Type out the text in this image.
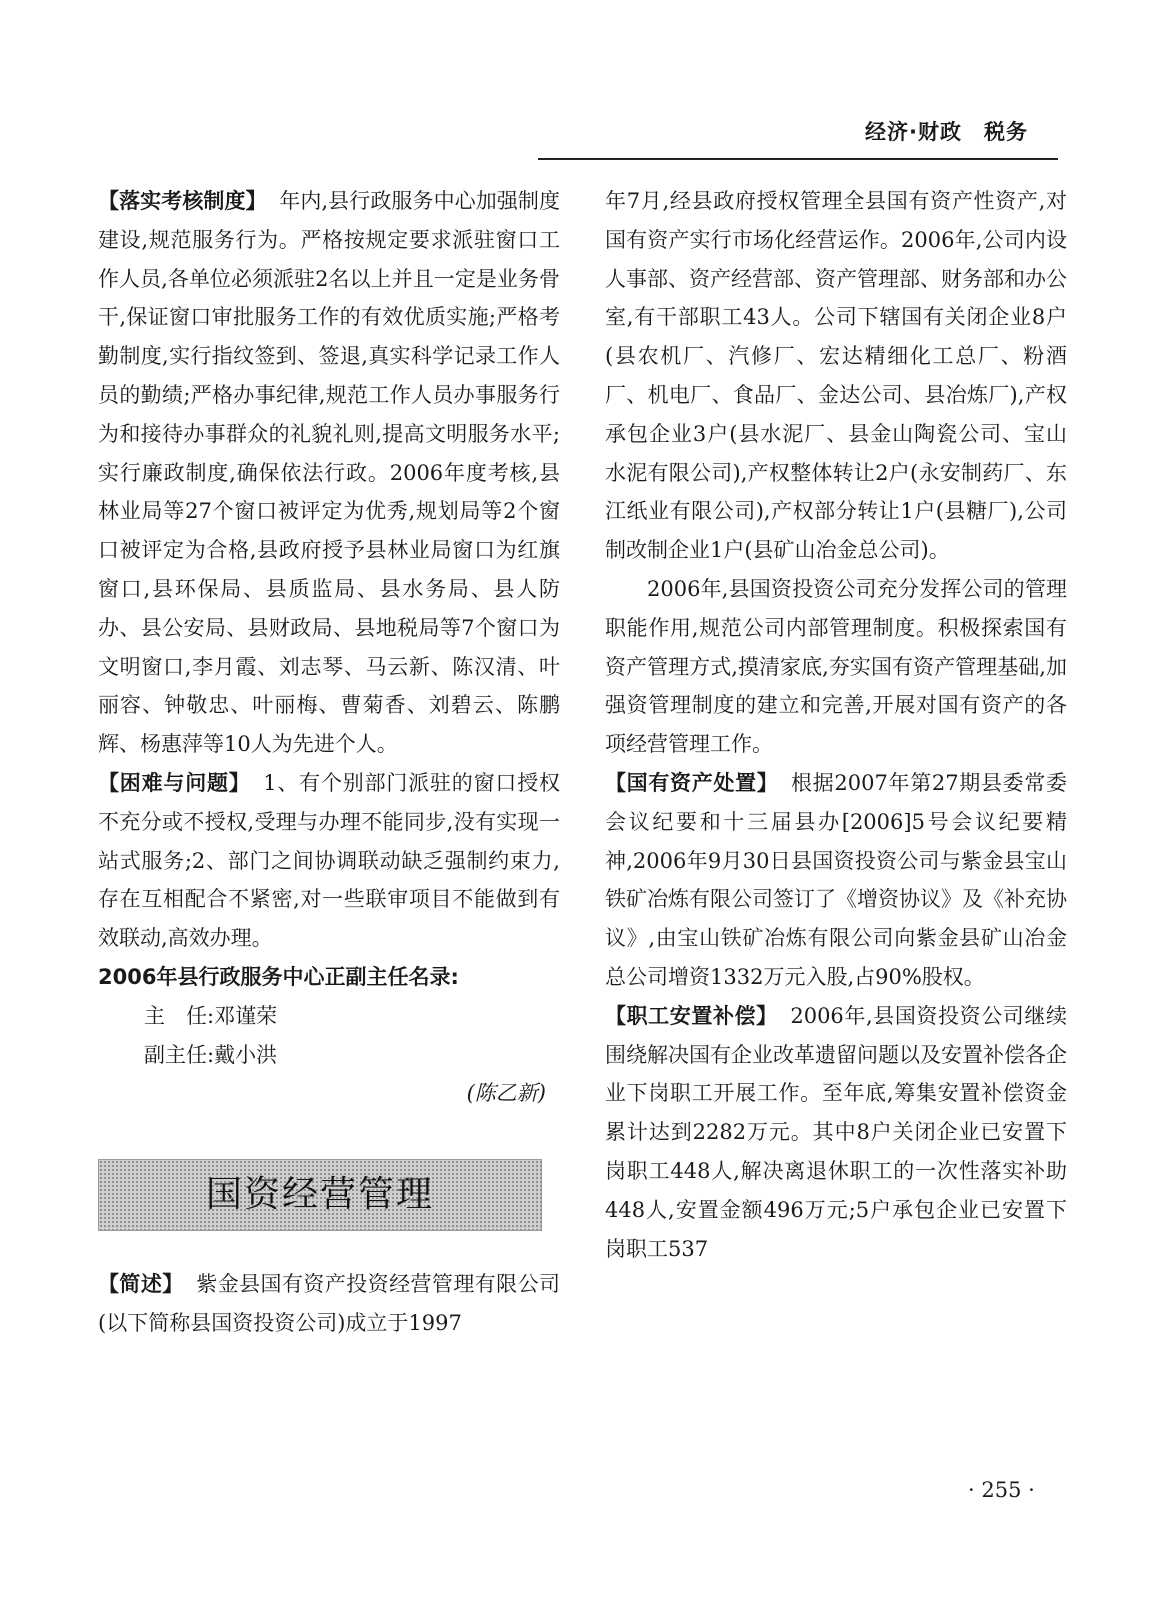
经济·财政　税务

【落实考核制度】 年内,县行政服务中心加强制度建设,规范服务行为。严格按规定要求派驻窗口工作人员,各单位必须派驻2名以上并且一定是业务骨干,保证窗口审批服务工作的有效优质实施;严格考勤制度,实行指纹签到、签退,真实科学记录工作人员的勤绩;严格办事纪律,规范工作人员办事服务行为和接待办事群众的礼貌礼则,提高文明服务水平;实行廉政制度,确保依法行政。2006年度考核,县林业局等27个窗口被评定为优秀,规划局等2个窗口被评定为合格,县政府授予县林业局窗口为红旗窗口,县环保局、县质监局、县水务局、县人防办、县公安局、县财政局、县地税局等7个窗口为文明窗口,李月霞、刘志琴、马云新、陈汉清、叶丽容、钟敬忠、叶丽梅、曹菊香、刘碧云、陈鹏辉、杨惠萍等10人为先进个人。

【困难与问题】 1、有个别部门派驻的窗口授权不充分或不授权,受理与办理不能同步,没有实现一站式服务;2、部门之间协调联动缺乏强制约束力,存在互相配合不紧密,对一些联审项目不能做到有效联动,高效办理。

2006年县行政服务中心正副主任名录:

主　任:邓谨荣

副主任:戴小洪

(陈乙新)

国资经营管理

【简述】 紫金县国有资产投资经营管理有限公司(以下简称县国资投资公司)成立于1997

年7月,经县政府授权管理全县国有资产性资产,对国有资产实行市场化经营运作。2006年,公司内设人事部、资产经营部、资产管理部、财务部和办公室,有干部职工43人。公司下辖国有关闭企业8户(县农机厂、汽修厂、宏达精细化工总厂、粉酒厂、机电厂、食品厂、金达公司、县冶炼厂),产权承包企业3户(县水泥厂、县金山陶瓷公司、宝山水泥有限公司),产权整体转让2户(永安制药厂、东江纸业有限公司),产权部分转让1户(县糖厂),公司制改制企业1户(县矿山冶金总公司)。

2006年,县国资投资公司充分发挥公司的管理职能作用,规范公司内部管理制度。积极探索国有资产管理方式,摸清家底,夯实国有资产管理基础,加强资管理制度的建立和完善,开展对国有资产的各项经营管理工作。

【国有资产处置】 根据2007年第27期县委常委会议纪要和十三届县办[2006]5号会议纪要精神,2006年9月30日县国资投资公司与紫金县宝山铁矿冶炼有限公司签订了《增资协议》及《补充协议》,由宝山铁矿冶炼有限公司向紫金县矿山冶金总公司增资1332万元入股,占90%股权。

【职工安置补偿】 2006年,县国资投资公司继续围绕解决国有企业改革遗留问题以及安置补偿各企业下岗职工开展工作。至年底,筹集安置补偿资金累计达到2282万元。其中8户关闭企业已安置下岗职工448人,解决离退休职工的一次性落实补助448人,安置金额496万元;5户承包企业已安置下岗职工537

· 255 ·
